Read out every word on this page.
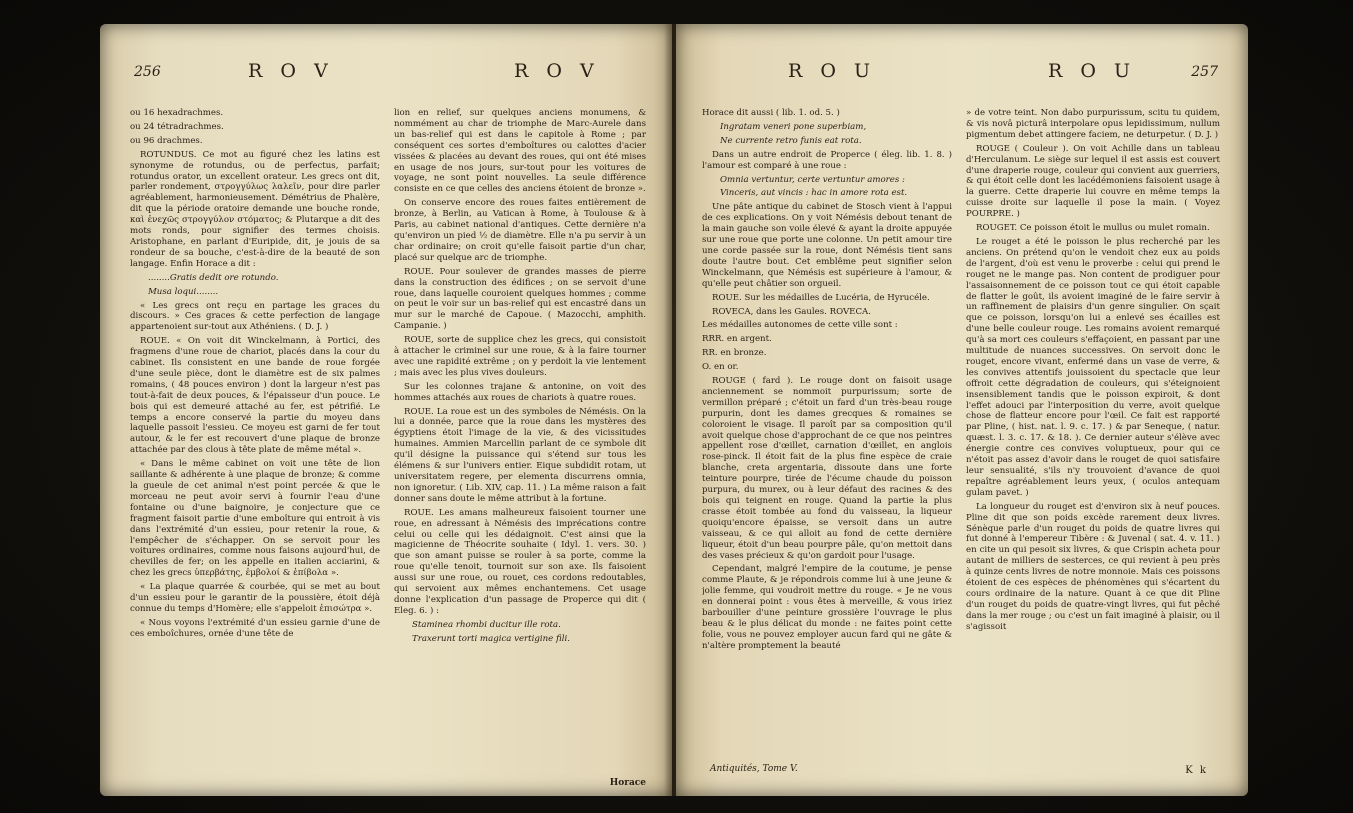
256	R O V	R O V

ou 16 hexadrachmes.

ou 24 tétradrachmes.

ou 96 drachmes.

ROTUNDUS. Ce mot au figuré chez les latins est synonyme de rotundus, ou de perfectus, parfait; rotundus orator, un excellent orateur. Les grecs ont dit, parler rondement, στρογγύλως λαλεῖν, pour dire parler agréablement, harmonieusement. Démétrius de Phalère, dit que la période oratoire demande une bouche ronde, καὶ ἐνεχῶς στρογγύλον στόματος; & Plutarque a dit des mots ronds, pour signifier des termes choisis. Aristophane, en parlant d'Euripide, dit, je jouis de sa rondeur de sa bouche, c'est-à-dire de la beauté de son langage. Enfin Horace a dit :

........Gratis dedit ore rotundo.

Musa loqui........

« Les grecs ont reçu en partage les graces du discours. » Ces graces & cette perfection de langage appartenoient sur-tout aux Athéniens. ( D. J. )

ROUE. « On voit dit Winckelmann, à Portici, des fragmens d'une roue de chariot, placés dans la cour du cabinet. Ils consistent en une bande de roue forgée d'une seule pièce, dont le diamètre est de six palmes romains, ( 48 pouces environ ) dont la largeur n'est pas tout-à-fait de deux pouces, & l'épaisseur d'un pouce. Le bois qui est demeuré attaché au fer, est pétrifié. Le temps a encore conservé la partie du moyeu dans laquelle passoit l'essieu. Ce moyeu est garni de fer tout autour, & le fer est recouvert d'une plaque de bronze attachée par des clous à tête plate de même métal ».

« Dans le même cabinet on voit une tête de lion saillante & adhérente à une plaque de bronze; & comme la gueule de cet animal n'est point percée & que le morceau ne peut avoir servi à fournir l'eau d'une fontaine ou d'une baignoire, je conjecture que ce fragment faisoit partie d'une emboîture qui entroit à vis dans l'extrémité d'un essieu, pour retenir la roue, & l'empêcher de s'échapper. On se servoit pour les voitures ordinaires, comme nous faisons aujourd'hui, de chevilles de fer; on les appelle en italien acciarini, & chez les grecs ὑπερβάτης, ἐμβολοί & ἐπίβολα ».

« La plaque quarrée & courbée, qui se met au bout d'un essieu pour le garantir de la poussière, étoit déjà connue du temps d'Homère; elle s'appeloit ἐπισώτρα ».

« Nous voyons l'extrémité d'un essieu garnie d'une de ces emboîchures, ornée d'une tête de

lion en relief, sur quelques anciens monumens, & nommément au char de triomphe de Marc-Aurele dans un bas-relief qui est dans le capitole à Rome ; par conséquent ces sortes d'emboîtures ou calottes d'acier vissées & placées au devant des roues, qui ont été mises en usage de nos jours, sur-tout pour les voitures de voyage, ne sont point nouvelles. La seule différence consiste en ce que celles des anciens étoient de bronze ».

On conserve encore des roues faites entièrement de bronze, à Berlin, au Vatican à Rome, à Toulouse & à Paris, au cabinet national d'antiques. Cette dernière n'a qu'environ un pied ½ de diamètre. Elle n'a pu servir à un char ordinaire; on croit qu'elle faisoit partie d'un char, placé sur quelque arc de triomphe.

ROUE. Pour soulever de grandes masses de pierre dans la construction des édifices ; on se servoit d'une roue, dans laquelle couroient quelques hommes ; comme on peut le voir sur un bas-relief qui est encastré dans un mur sur le marché de Capoue. ( Mazocchi, amphith. Campanie. )

ROUE, sorte de supplice chez les grecs, qui consistoit à attacher le criminel sur une roue, & à la faire tourner avec une rapidité extrême ; on y perdoit la vie lentement ; mais avec les plus vives douleurs.

Sur les colonnes trajane & antonine, on voit des hommes attachés aux roues de chariots à quatre roues.

ROUE. La roue est un des symboles de Némésis. On la lui a donnée, parce que la roue dans les mystères des égyptiens étoit l'image de la vie, & des vicissitudes humaines. Ammien Marcellin parlant de ce symbole dit qu'il désigne la puissance qui s'étend sur tous les élémens & sur l'univers entier. Eique subdidit rotam, ut universitatem regere, per elementa discurrens omnia, non ignoretur. ( Lib. XIV, cap. 11. ) La même raison a fait donner sans doute le même attribut à la fortune.

ROUE. Les amans malheureux faisoient tourner une roue, en adressant à Némésis des imprécations contre celui ou celle qui les dédaignoit. C'est ainsi que la magicienne de Théocrite souhaite ( Idyl. 1. vers. 30. ) que son amant puisse se rouler à sa porte, comme la roue qu'elle tenoit, tournoit sur son axe. Ils faisoient aussi sur une roue, ou rouet, ces cordons redoutables, qui servoient aux mêmes enchantemens. Cet usage donne l'explication d'un passage de Properce qui dit ( Eleg. 6. ) :

Staminea rhombi ducitur ille rota.

Traxerunt torti magica vertigine fili.

Horace
R O U	R O U	257

Horace dit aussi ( lib. 1. od. 5. )

Ingratam veneri pone superbiam,

Ne currente retro funis eat rota.

Dans un autre endroit de Properce ( éleg. lib. 1. 8. ) l'amour est comparé à une roue :

Omnia vertuntur, certe vertuntur amores :

Vinceris, aut vincis : hac in amore rota est.

Une pâte antique du cabinet de Stosch vient à l'appui de ces explications. On y voit Némésis debout tenant de la main gauche son voile élevé & ayant la droite appuyée sur une roue que porte une colonne. Un petit amour tire une corde passée sur la roue, dont Némésis tient sans doute l'autre bout. Cet emblême peut signifier selon Winckelmann, que Némésis est supérieure à l'amour, & qu'elle peut châtier son orgueil.

ROUE. Sur les médailles de Lucéria, de Hyrucéle.

ROVECA, dans les Gaules. ROVECA.

Les médailles autonomes de cette ville sont :

RRR. en argent.

RR. en bronze.

O. en or.

ROUGE ( fard ). Le rouge dont on faisoit usage anciennement se nommoit purpurissum; sorte de vermillon préparé ; c'étoit un fard d'un très-beau rouge purpurin, dont les dames grecques & romaines se coloroient le visage. Il paroît par sa composition qu'il avoit quelque chose d'approchant de ce que nos peintres appellent rose d'œillet, carnation d'œillet, en anglois rose-pinck. Il étoit fait de la plus fine espèce de craie blanche, creta argentaria, dissoute dans une forte teinture pourpre, tirée de l'écume chaude du poisson purpura, du murex, ou à leur défaut des racines & des bois qui teignent en rouge. Quand la partie la plus crasse étoit tombée au fond du vaisseau, la liqueur quoiqu'encore épaisse, se versoit dans un autre vaisseau, & ce qui alloit au fond de cette dernière liqueur, étoit d'un beau pourpre pâle, qu'on mettoit dans des vases précieux & qu'on gardoit pour l'usage.

Cependant, malgré l'empire de la coutume, je pense comme Plaute, & je répondrois comme lui à une jeune & jolie femme, qui voudroit mettre du rouge. « Je ne vous en donnerai point : vous êtes à merveille, & vous iriez barbouiller d'une peinture grossière l'ouvrage le plus beau & le plus délicat du monde : ne faites point cette folie, vous ne pouvez employer aucun fard qui ne gâte & n'altère promptement la beauté

» de votre teint. Non dabo purpurissum, scitu tu quidem, & vis novâ picturâ interpolare opus lepidissimum, nullum pigmentum debet attingere faciem, ne deturpetur. ( D. J. )

ROUGE ( Couleur ). On voit Achille dans un tableau d'Herculanum. Le siège sur lequel il est assis est couvert d'une draperie rouge, couleur qui convient aux guerriers, & qui étoit celle dont les lacédémoniens faisoient usage à la guerre. Cette draperie lui couvre en même temps la cuisse droite sur laquelle il pose la main. ( Voyez POURPRE. )

ROUGET. Ce poisson étoit le mullus ou mulet romain.

Le rouget a été le poisson le plus recherché par les anciens. On prétend qu'on le vendoit chez eux au poids de l'argent, d'où est venu le proverbe : celui qui prend le rouget ne le mange pas. Non content de prodiguer pour l'assaisonnement de ce poisson tout ce qui étoit capable de flatter le goût, ils avoient imaginé de le faire servir à un raffinement de plaisirs d'un genre singulier. On sçait que ce poisson, lorsqu'on lui a enlevé ses écailles est d'une belle couleur rouge. Les romains avoient remarqué qu'à sa mort ces couleurs s'effaçoient, en passant par une multitude de nuances successives. On servoit donc le rouget, encore vivant, enfermé dans un vase de verre, & les convives attentifs jouissoient du spectacle que leur offroit cette dégradation de couleurs, qui s'éteignoient insensiblement tandis que le poisson expiroit, & dont l'effet adouci par l'interposition du verre, avoit quelque chose de flatteur encore pour l'œil. Ce fait est rapporté par Pline, ( hist. nat. l. 9. c. 17. ) & par Seneque, ( natur. quæst. l. 3. c. 17. & 18. ). Ce dernier auteur s'élève avec énergie contre ces convives voluptueux, pour qui ce n'étoit pas assez d'avoir dans le rouget de quoi satisfaire leur sensualité, s'ils n'y trouvoient d'avance de quoi repaître agréablement leurs yeux, ( oculos antequam gulam pavet. )

La longueur du rouget est d'environ six à neuf pouces. Pline dit que son poids excède rarement deux livres. Sénèque parle d'un rouget du poids de quatre livres qui fut donné à l'empereur Tibère : & Juvenal ( sat. 4. v. 11. ) en cite un qui pesoit six livres, & que Crispin acheta pour autant de milliers de sesterces, ce qui revient à peu près à quinze cents livres de notre monnoie. Mais ces poissons étoient de ces espèces de phénomènes qui s'écartent du cours ordinaire de la nature. Quant à ce que dit Pline d'un rouget du poids de quatre-vingt livres, qui fut pêché dans la mer rouge ; ou c'est un fait imaginé à plaisir, ou il s'agissoit

Antiquités, Tome V.	K k
